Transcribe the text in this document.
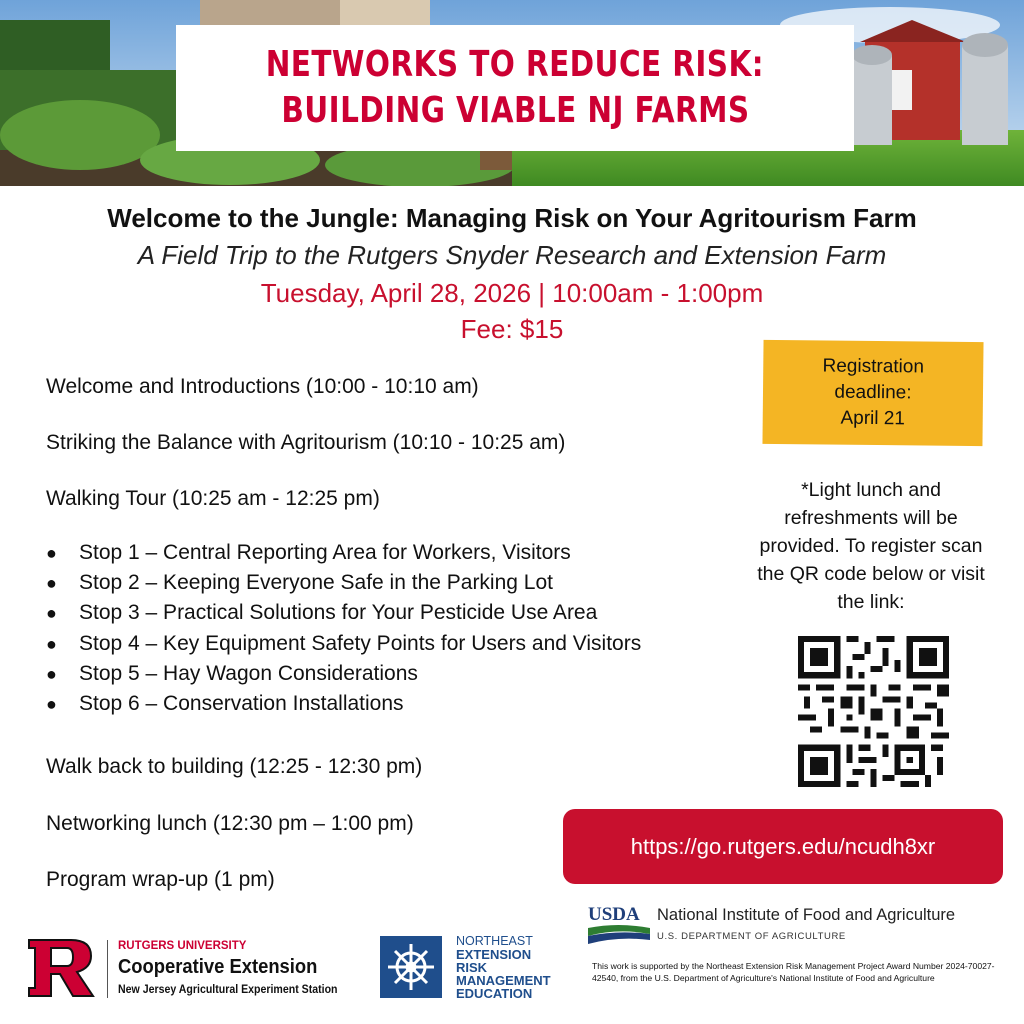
NETWORKS TO REDUCE RISK:
BUILDING VIABLE NJ FARMS
Welcome to the Jungle: Managing Risk on Your Agritourism Farm
A Field Trip to the Rutgers Snyder Research and Extension Farm
Tuesday, April 28, 2026 | 10:00am - 1:00pm
Fee: $15
Welcome and Introductions (10:00 - 10:10 am)
Striking the Balance with Agritourism (10:10 - 10:25 am)
Walking Tour (10:25 am - 12:25 pm)
● Stop 1 – Central Reporting Area for Workers, Visitors
● Stop 2 – Keeping Everyone Safe in the Parking Lot
● Stop 3 – Practical Solutions for Your Pesticide Use Area
● Stop 4 – Key Equipment Safety Points for Users and Visitors
● Stop 5 – Hay Wagon Considerations
● Stop 6 – Conservation Installations
Walk back to building (12:25 - 12:30 pm)
Networking lunch (12:30 pm – 1:00 pm)
Program wrap-up (1 pm)
Registration
deadline:
April 21
*Light lunch and refreshments will be provided. To register scan the QR code below or visit the link:
https://go.rutgers.edu/ncudh8xr
USDA National Institute of Food and Agriculture
U.S. DEPARTMENT OF AGRICULTURE
This work is supported by the Northeast Extension Risk Management Project Award Number 2024-70027-42540, from the U.S. Department of Agriculture's National Institute of Food and Agriculture
RUTGERS UNIVERSITY
Cooperative Extension
New Jersey Agricultural Experiment Station
NORTHEAST
EXTENSION
RISK
MANAGEMENT
EDUCATION
